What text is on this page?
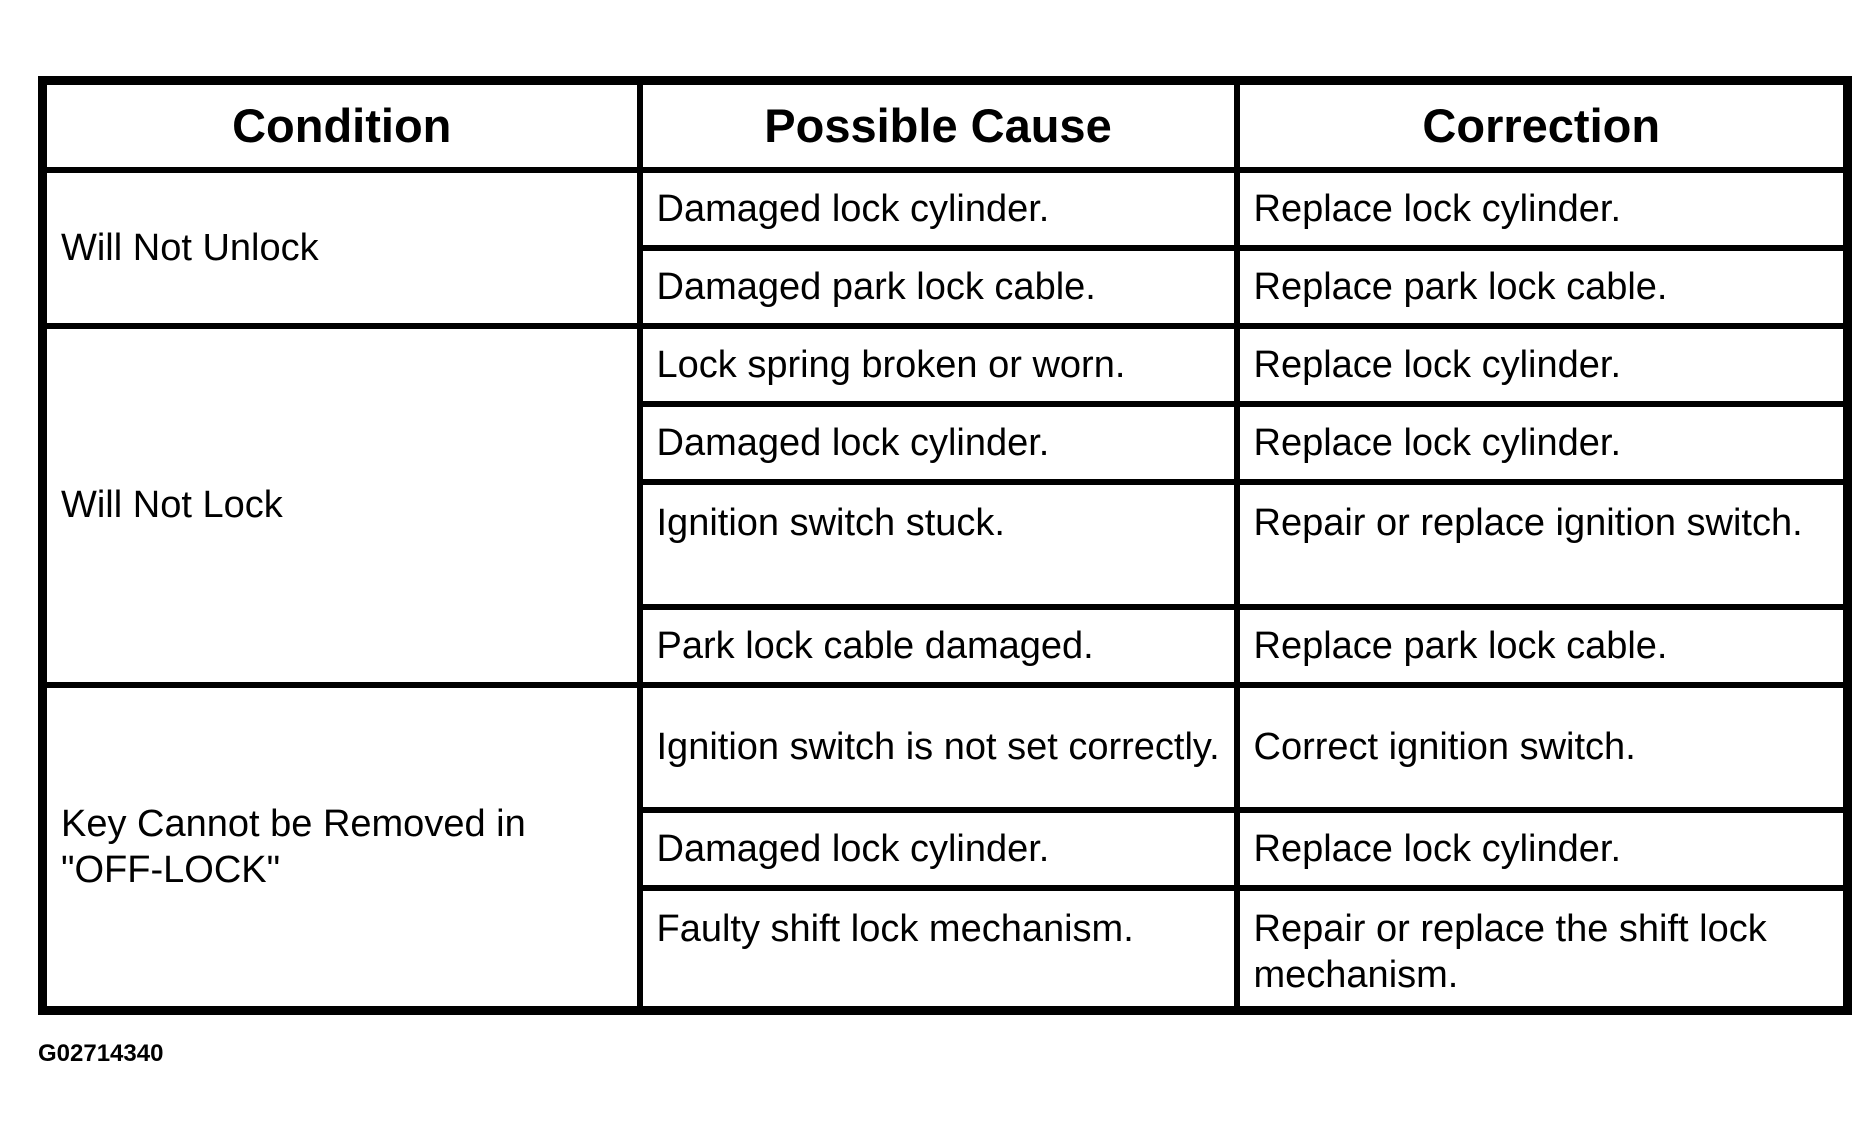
Condition	Possible Cause	Correction
Will Not Unlock	Damaged lock cylinder.	Replace lock cylinder.
	Damaged park lock cable.	Replace park lock cable.
Will Not Lock	Lock spring broken or worn.	Replace lock cylinder.
	Damaged lock cylinder.	Replace lock cylinder.
	Ignition switch stuck.	Repair or replace ignition switch.
	Park lock cable damaged.	Replace park lock cable.
Key Cannot be Removed in "OFF-LOCK"	Ignition switch is not set correctly.	Correct ignition switch.
	Damaged lock cylinder.	Replace lock cylinder.
	Faulty shift lock mechanism.	Repair or replace the shift lock mechanism.
G02714340
